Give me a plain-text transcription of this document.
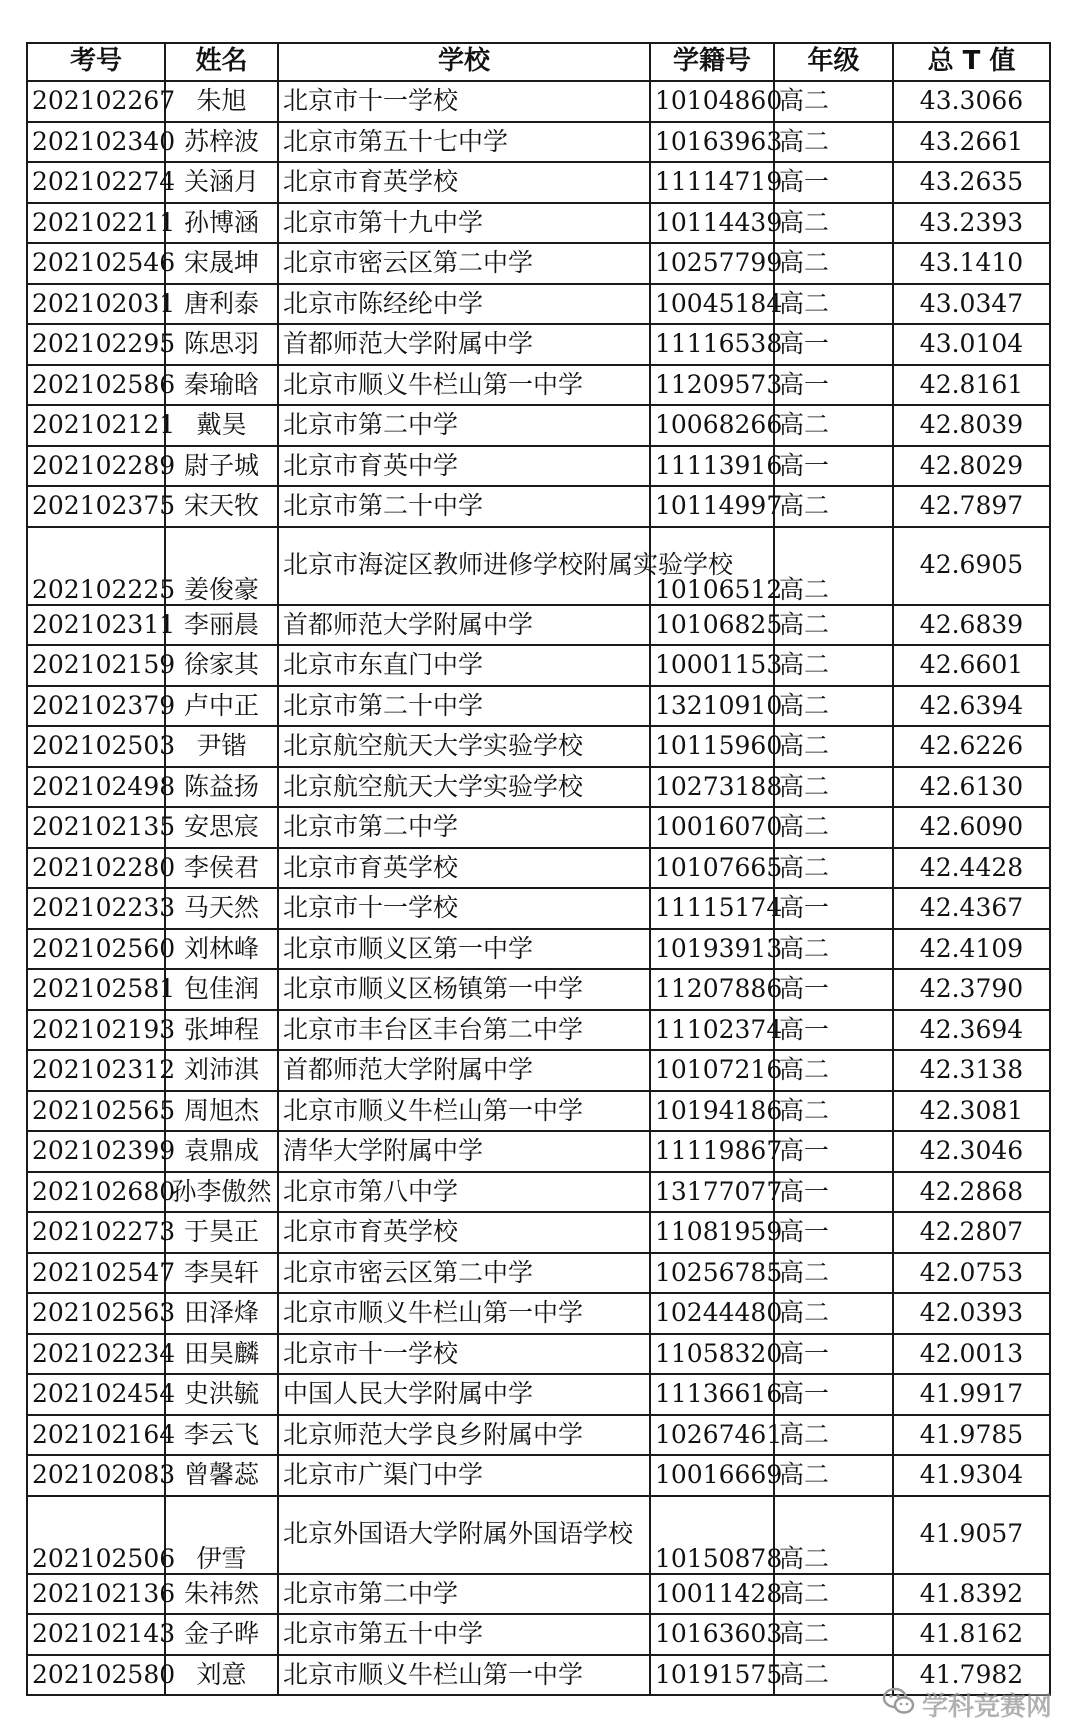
考号	姓名	学校	学籍号	年级	总 T 值
202102267	朱旭	北京市十一学校	10104860	高二	43.3066
202102340	苏梓波	北京市第五十七中学	10163963	高二	43.2661
202102274	关涵月	北京市育英学校	11114719	高一	43.2635
202102211	孙博涵	北京市第十九中学	10114439	高二	43.2393
202102546	宋晟坤	北京市密云区第二中学	10257799	高二	43.1410
202102031	唐利泰	北京市陈经纶中学	10045184	高二	43.0347
202102295	陈思羽	首都师范大学附属中学	11116538	高一	43.0104
202102586	秦瑜晗	北京市顺义牛栏山第一中学	11209573	高一	42.8161
202102121	戴昊	北京市第二中学	10068266	高二	42.8039
202102289	尉子城	北京市育英中学	11113916	高一	42.8029
202102375	宋天牧	北京市第二十中学	10114997	高二	42.7897
202102225	姜俊豪	北京市海淀区教师进修学校附属实验学校	10106512	高二	42.6905
202102311	李丽晨	首都师范大学附属中学	10106825	高二	42.6839
202102159	徐家其	北京市东直门中学	10001153	高二	42.6601
202102379	卢中正	北京市第二十中学	13210910	高二	42.6394
202102503	尹锴	北京航空航天大学实验学校	10115960	高二	42.6226
202102498	陈益扬	北京航空航天大学实验学校	10273188	高二	42.6130
202102135	安思宸	北京市第二中学	10016070	高二	42.6090
202102280	李侯君	北京市育英学校	10107665	高二	42.4428
202102233	马天然	北京市十一学校	11115174	高一	42.4367
202102560	刘林峰	北京市顺义区第一中学	10193913	高二	42.4109
202102581	包佳润	北京市顺义区杨镇第一中学	11207886	高一	42.3790
202102193	张坤程	北京市丰台区丰台第二中学	11102374	高一	42.3694
202102312	刘沛淇	首都师范大学附属中学	10107216	高二	42.3138
202102565	周旭杰	北京市顺义牛栏山第一中学	10194186	高二	42.3081
202102399	袁鼎成	清华大学附属中学	11119867	高一	42.3046
202102680	孙李傲然	北京市第八中学	13177077	高一	42.2868
202102273	于昊正	北京市育英学校	11081959	高一	42.2807
202102547	李昊轩	北京市密云区第二中学	10256785	高二	42.0753
202102563	田泽烽	北京市顺义牛栏山第一中学	10244480	高二	42.0393
202102234	田昊麟	北京市十一学校	11058320	高一	42.0013
202102454	史洪毓	中国人民大学附属中学	11136616	高一	41.9917
202102164	李云飞	北京师范大学良乡附属中学	10267461	高二	41.9785
202102083	曾馨蕊	北京市广渠门中学	10016669	高二	41.9304
202102506	伊雪	北京外国语大学附属外国语学校	10150878	高二	41.9057
202102136	朱祎然	北京市第二中学	10011428	高二	41.8392
202102143	金子晔	北京市第五十中学	10163603	高二	41.8162
202102580	刘意	北京市顺义牛栏山第一中学	10191575	高二	41.7982
学科竞赛网
